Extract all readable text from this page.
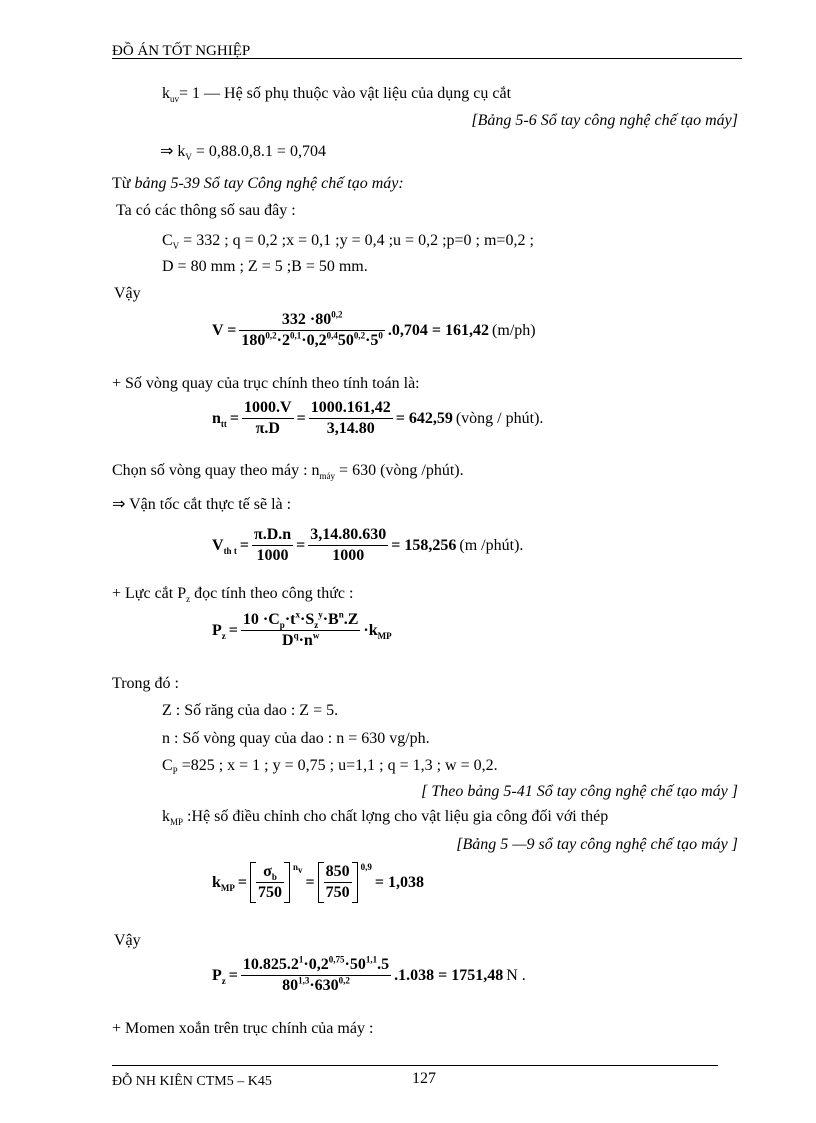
ĐỒ ÁN TỐT NGHIỆP
$k_{uv}= 1$ — Hệ số phụ thuộc vào vật liệu của dụng cụ cắt
[Bảng 5-6 Sổ tay công nghệ chế tạo máy]
⇒ $k_V = 0,88.0,8.1 = 0,704$
Từ bảng 5-39 Sổ tay Công nghệ chế tạo máy:
Ta có các thông số sau đây :
$C_V = 332$ ; q = 0,2 ;x = 0,1 ;y = 0,4 ;u = 0,2 ;p=0 ; m=0,2 ;
D = 80 mm ; Z = 5 ;B = 50 mm.
Vậy
$V = \frac{332 \cdot 80^{0,2}}{180^{0,2}\cdot 2^{0,1}\cdot 0,2^{0,4}50^{0,2}\cdot 5^0} .0,704 = 161,42$ (m/ph)
+ Số vòng quay của trục chính theo tính toán là:
$n_{tt} = \frac{1000.V}{\pi.D} = \frac{1000.161,42}{3,14.80} = 642,59$ (vòng / phút).
Chọn số vòng quay theo máy : $n_{máy} = 630$ (vòng /phút).
⇒ Vận tốc cắt thực tế sẽ là :
$V_{th t} = \frac{\pi.D.n}{1000} = \frac{3,14.80.630}{1000} = 158,256$ (m /phút).
+ Lực cắt $P_z$ đọc tính theo công thức :
$P_z = \frac{10 \cdot C_p\cdot t^x\cdot S_z^y\cdot B^n.Z}{D^q\cdot n^w} \cdot k_{MP}$
Trong đó :
Z : Số răng của dao : Z = 5.
n : Số vòng quay của dao : n = 630 vg/ph.
$C_P =825$ ; x = 1 ; y = 0,75 ; u=1,1 ; q = 1,3 ; w = 0,2.
[ Theo bảng 5-41 Sổ tay công nghệ chế tạo máy ]
$k_{MP}$ :Hệ số điều chỉnh cho chất lợng cho vật liệu gia công đối với thép
[Bảng 5 —9 sổ tay công nghệ chế tạo máy ]
$k_{MP} = \frac{\sigma_b}{750} n_v$
= $\frac{850}{750} 0,9$
= 1,038
Vậy
$P_z = \frac{10.825.2^1\cdot 0,2^{0,75}\cdot 50^{1,1}.5}{80^{1,3}\cdot 630^{0,2}} .1.038 = 1751,48$ N .
+ Momen xoắn trên trục chính của máy :
ĐỖ NH KIÊN CTM5 – K45	127
